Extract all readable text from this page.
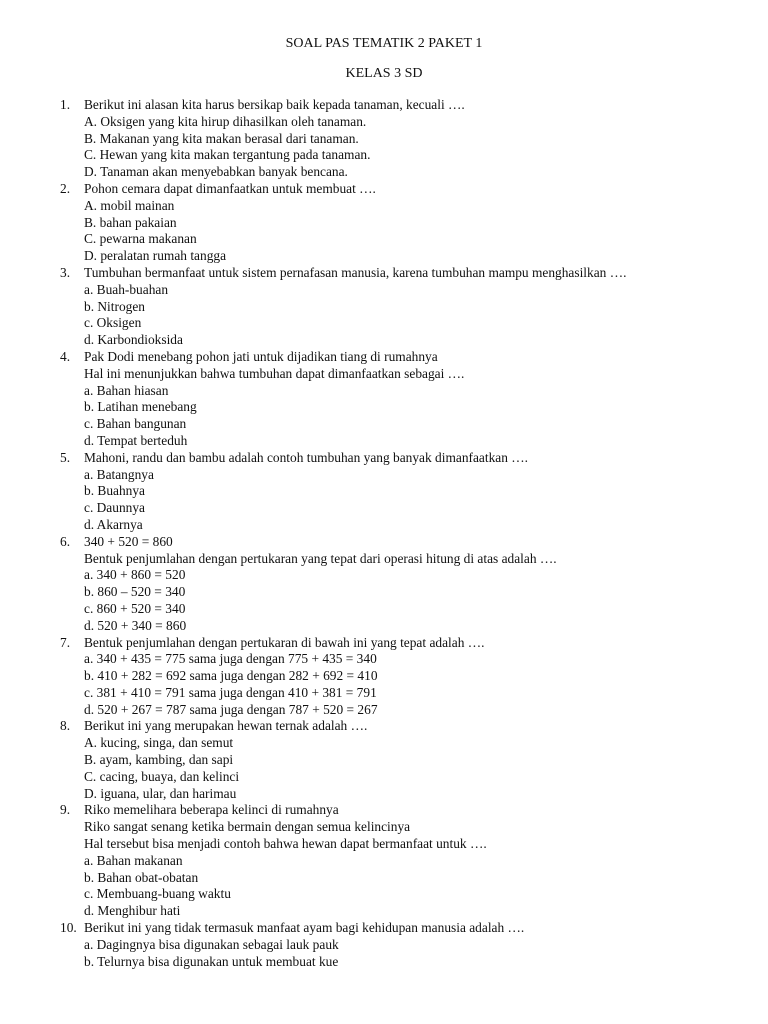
SOAL PAS TEMATIK 2 PAKET 1
KELAS 3 SD
1. Berikut ini alasan kita harus bersikap baik kepada tanaman, kecuali ….
A. Oksigen yang kita hirup dihasilkan oleh tanaman.
B. Makanan yang kita makan berasal dari tanaman.
C. Hewan yang kita makan tergantung pada tanaman.
D. Tanaman akan menyebabkan banyak bencana.
2. Pohon cemara dapat dimanfaatkan untuk membuat ….
A. mobil mainan
B. bahan pakaian
C. pewarna makanan
D. peralatan rumah tangga
3. Tumbuhan bermanfaat untuk sistem pernafasan manusia, karena tumbuhan mampu menghasilkan ….
a. Buah-buahan
b. Nitrogen
c. Oksigen
d. Karbondioksida
4. Pak Dodi menebang pohon jati untuk dijadikan tiang di rumahnya
Hal ini menunjukkan bahwa tumbuhan dapat dimanfaatkan sebagai ….
a. Bahan hiasan
b. Latihan menebang
c. Bahan bangunan
d. Tempat berteduh
5. Mahoni, randu dan bambu adalah contoh tumbuhan yang banyak dimanfaatkan ….
a. Batangnya
b. Buahnya
c. Daunnya
d. Akarnya
6. 340 + 520 = 860
Bentuk penjumlahan dengan pertukaran yang tepat dari operasi hitung di atas adalah ….
a. 340 + 860 = 520
b. 860 – 520 = 340
c. 860 + 520 = 340
d. 520 + 340 = 860
7. Bentuk penjumlahan dengan pertukaran di bawah ini yang tepat adalah ….
a. 340 + 435 = 775 sama juga dengan 775 + 435 = 340
b. 410 + 282 = 692 sama juga dengan 282 + 692 = 410
c. 381 + 410 = 791 sama juga dengan 410 + 381 = 791
d. 520 + 267 = 787 sama juga dengan 787 + 520 = 267
8. Berikut ini yang merupakan hewan ternak adalah ….
A. kucing, singa, dan semut
B. ayam, kambing, dan sapi
C. cacing, buaya, dan kelinci
D. iguana, ular, dan harimau
9. Riko memelihara beberapa kelinci di rumahnya
Riko sangat senang ketika bermain dengan semua kelincinya
Hal tersebut bisa menjadi contoh bahwa hewan dapat bermanfaat untuk ….
a. Bahan makanan
b. Bahan obat-obatan
c. Membuang-buang waktu
d. Menghibur hati
10. Berikut ini yang tidak termasuk manfaat ayam bagi kehidupan manusia adalah ….
a. Dagingnya bisa digunakan sebagai lauk pauk
b. Telurnya bisa digunakan untuk membuat kue
